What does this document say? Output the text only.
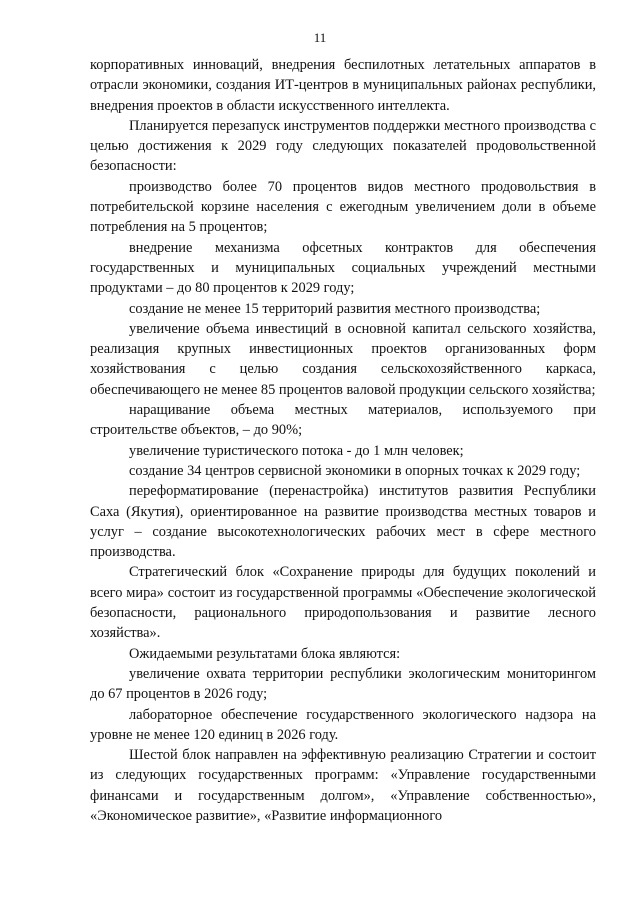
11

корпоративных инноваций, внедрения беспилотных летательных аппаратов в отрасли экономики, создания ИТ-центров в муниципальных районах республики, внедрения проектов в области искусственного интеллекта.

Планируется перезапуск инструментов поддержки местного производства с целью достижения к 2029 году следующих показателей продовольственной безопасности:

производство более 70 процентов видов местного продовольствия в потребительской корзине населения с ежегодным увеличением доли в объеме потребления на 5 процентов;

внедрение механизма офсетных контрактов для обеспечения государственных и муниципальных социальных учреждений местными продуктами – до 80 процентов к 2029 году;

создание не менее 15 территорий развития местного производства;

увеличение объема инвестиций в основной капитал сельского хозяйства, реализация крупных инвестиционных проектов организованных форм хозяйствования с целью создания сельскохозяйственного каркаса, обеспечивающего не менее 85 процентов валовой продукции сельского хозяйства;

наращивание объема местных материалов, используемого при строительстве объектов, – до 90%;

увеличение туристического потока - до 1 млн человек;

создание 34 центров сервисной экономики в опорных точках к 2029 году;

переформатирование (перенастройка) институтов развития Республики Саха (Якутия), ориентированное на развитие производства местных товаров и услуг – создание высокотехнологических рабочих мест в сфере местного производства.

Стратегический блок «Сохранение природы для будущих поколений и всего мира» состоит из государственной программы «Обеспечение экологической безопасности, рационального природопользования и развитие лесного хозяйства».

Ожидаемыми результатами блока являются:

увеличение охвата территории республики экологическим мониторингом до 67 процентов в 2026 году;

лабораторное обеспечение государственного экологического надзора на уровне не менее 120 единиц в 2026 году.

Шестой блок направлен на эффективную реализацию Стратегии и состоит из следующих государственных программ: «Управление государственными финансами и государственным долгом», «Управление собственностью», «Экономическое развитие», «Развитие информационного
